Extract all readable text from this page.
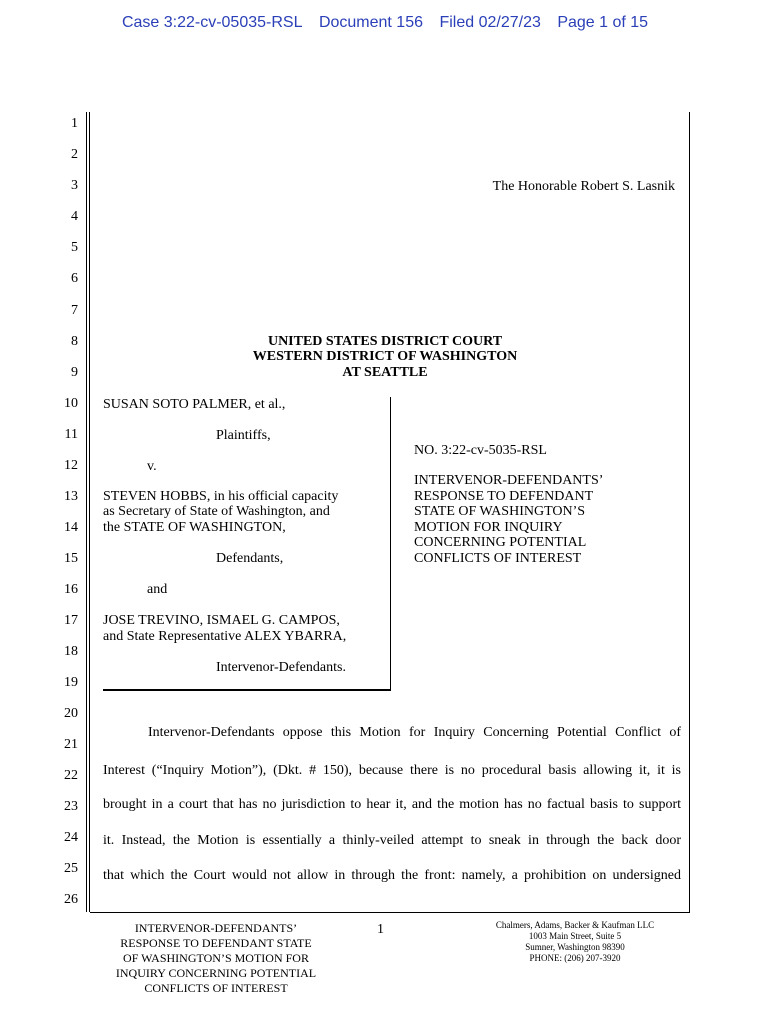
Case 3:22-cv-05035-RSL Document 156 Filed 02/27/23 Page 1 of 15
1
2
3
4
5
6
7
8
9
10
11
12
13
14
15
16
17
18
19
20
21
22
23
24
25
26
The Honorable Robert S. Lasnik
UNITED STATES DISTRICT COURT
WESTERN DISTRICT OF WASHINGTON
AT SEATTLE
SUSAN SOTO PALMER, et al.,
Plaintiffs,
v.
STEVEN HOBBS, in his official capacity
as Secretary of State of Washington, and
the STATE OF WASHINGTON,
Defendants,
and
JOSE TREVINO, ISMAEL G. CAMPOS,
and State Representative ALEX YBARRA,
Intervenor-Defendants.
NO. 3:22-cv-5035-RSL
INTERVENOR-DEFENDANTS’
RESPONSE TO DEFENDANT
STATE OF WASHINGTON’S
MOTION FOR INQUIRY
CONCERNING POTENTIAL
CONFLICTS OF INTEREST
Intervenor-Defendants oppose this Motion for Inquiry Concerning Potential Conflict of
Interest (“Inquiry Motion”), (Dkt. # 150), because there is no procedural basis allowing it, it is
brought in a court that has no jurisdiction to hear it, and the motion has no factual basis to support
it. Instead, the Motion is essentially a thinly-veiled attempt to sneak in through the back door
that which the Court would not allow in through the front: namely, a prohibition on undersigned
INTERVENOR-DEFENDANTS’
RESPONSE TO DEFENDANT STATE
OF WASHINGTON’S MOTION FOR
INQUIRY CONCERNING POTENTIAL
CONFLICTS OF INTEREST
1	Chalmers, Adams, Backer & Kaufman LLC
1003 Main Street, Suite 5
Sumner, Washington 98390
PHONE: (206) 207-3920
